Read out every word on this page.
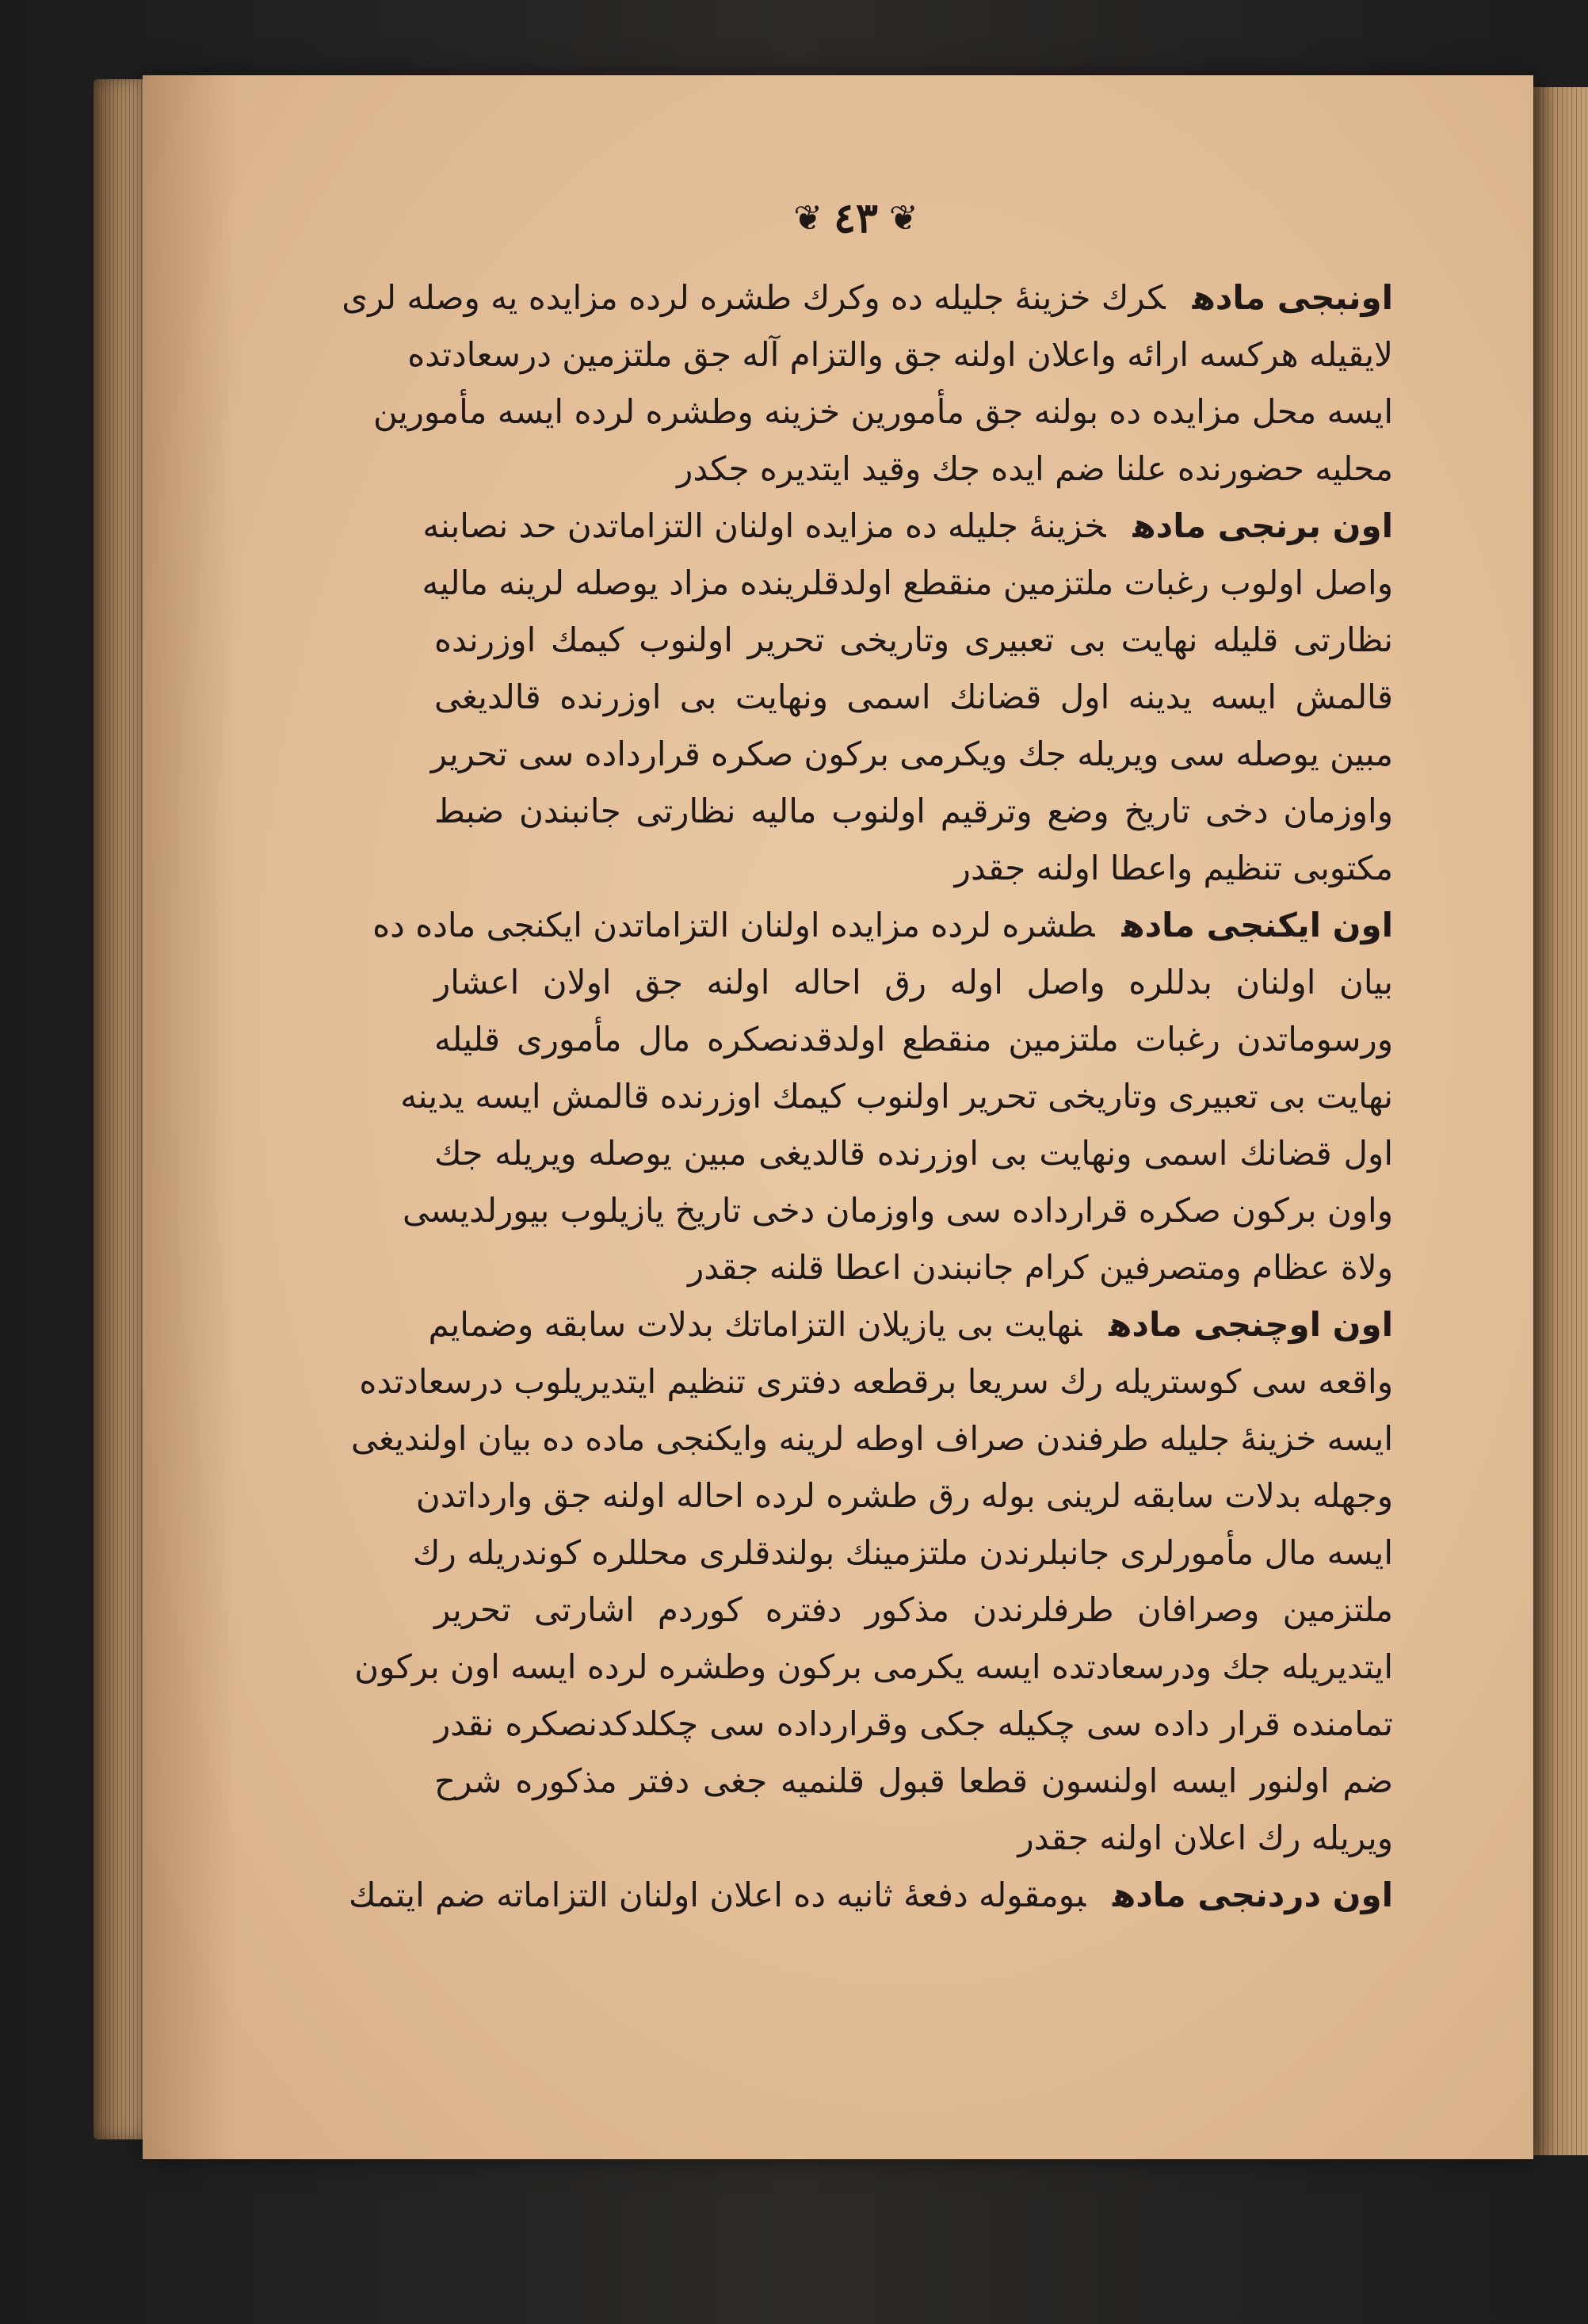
❦ ٤٣ ❦
اونبجی مادهکرك خزینهٔ جلیله ده وکرك طشره لرده مزایده یه وصله لری
لایقیله هرکسه ارائه واعلان اولنه جق والتزام آله جق ملتزمین درسعادتده
ایسه محل مزایده ده بولنه جق مأمورین خزینه وطشره لرده ایسه مأمورین
محلیه حضورنده علنا ضم ایده جك وقید ایتدیره جکدر
اون برنجی مادهخزینهٔ جلیله ده مزایده اولنان التزاماتدن حد نصابنه
واصل اولوب رغبات ملتزمین منقطع اولدقلرینده مزاد یوصله لرینه مالیه
نظارتی قلیله نهایت بی تعبیری وتاریخی تحریر اولنوب کیمك اوزرنده
قالمش ایسه یدینه اول قضانك اسمی ونهایت بی اوزرنده قالدیغی
مبین یوصله سی ویریله جك ویکرمی برکون صکره قرارداده سی تحریر
واوزمان دخی تاریخ وضع وترقیم اولنوب مالیه نظارتی جانبندن ضبط
مکتوبی تنظیم واعطا اولنه جقدر
اون ایکنجی مادهطشره لرده مزایده اولنان التزاماتدن ایکنجی ماده ده
بیان اولنان بدللره واصل اوله رق احاله اولنه جق اولان اعشار
ورسوماتدن رغبات ملتزمین منقطع اولدقدنصکره مال مأموری قلیله
نهایت بی تعبیری وتاریخی تحریر اولنوب کیمك اوزرنده قالمش ایسه یدینه
اول قضانك اسمی ونهایت بی اوزرنده قالدیغی مبین یوصله ویریله جك
واون برکون صکره قرارداده سی واوزمان دخی تاریخ یازیلوب بیورلدیسی
ولاة عظام ومتصرفین کرام جانبندن اعطا قلنه جقدر
اون اوچنجی مادهنهایت بی یازیلان التزاماتك بدلات سابقه وضمایم
واقعه سی کوستریله رك سریعا برقطعه دفتری تنظیم ایتدیریلوب درسعادتده
ایسه خزینهٔ جلیله طرفندن صراف اوطه لرینه وایکنجی ماده ده بیان اولندیغی
وجهله بدلات سابقه لرینی بوله رق طشره لرده احاله اولنه جق وارداتدن
ایسه مال مأمورلری جانبلرندن ملتزمینك بولندقلری محللره کوندریله رك
ملتزمین وصرافان طرفلرندن مذکور دفتره کوردم اشارتی تحریر
ایتدیریله جك ودرسعادتده ایسه یکرمی برکون وطشره لرده ایسه اون برکون
تمامنده قرار داده سی چکیله جکی وقرارداده سی چکلدکدنصکره نقدر
ضم اولنور ایسه اولنسون قطعا قبول قلنمیه جغی دفتر مذکوره شرح
ویریله رك اعلان اولنه جقدر
اون دردنجی مادهبومقوله دفعهٔ ثانیه ده اعلان اولنان التزاماته ضم ایتمك
